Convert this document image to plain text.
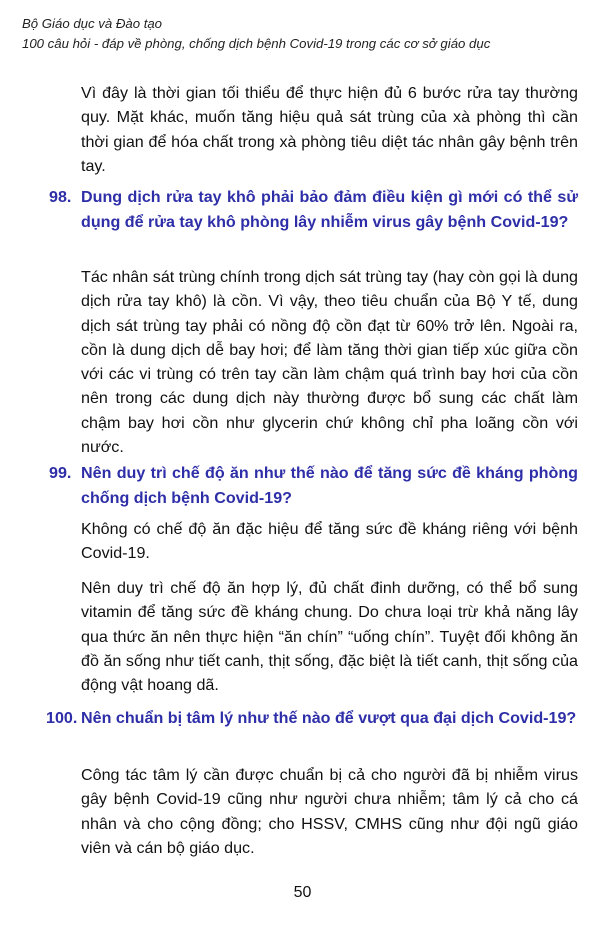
Bộ Giáo dục và Đào tạo
100 câu hỏi - đáp về phòng, chống dịch bệnh Covid-19 trong các cơ sở giáo dục
Vì đây là thời gian tối thiểu để thực hiện đủ 6 bước rửa tay thường quy. Mặt khác, muốn tăng hiệu quả sát trùng của xà phòng thì cần thời gian để hóa chất trong xà phòng tiêu diệt tác nhân gây bệnh trên tay.
98. Dung dịch rửa tay khô phải bảo đảm điều kiện gì mới có thể sử dụng để rửa tay khô phòng lây nhiễm virus gây bệnh Covid-19?
Tác nhân sát trùng chính trong dịch sát trùng tay (hay còn gọi là dung dịch rửa tay khô) là cồn. Vì vậy, theo tiêu chuẩn của Bộ Y tế, dung dịch sát trùng tay phải có nồng độ cồn đạt từ 60% trở lên. Ngoài ra, cồn là dung dịch dễ bay hơi; để làm tăng thời gian tiếp xúc giữa cồn với các vi trùng có trên tay cần làm chậm quá trình bay hơi của cồn nên trong các dung dịch này thường được bổ sung các chất làm chậm bay hơi cồn như glycerin chứ không chỉ pha loãng cồn với nước.
99. Nên duy trì chế độ ăn như thế nào để tăng sức đề kháng phòng chống dịch bệnh Covid-19?
Không có chế độ ăn đặc hiệu để tăng sức đề kháng riêng với bệnh Covid-19.
Nên duy trì chế độ ăn hợp lý, đủ chất đinh dưỡng, có thể bổ sung vitamin để tăng sức đề kháng chung. Do chưa loại trừ khả năng lây qua thức ăn nên thực hiện “ăn chín” “uống chín”. Tuyệt đối không ăn đồ ăn sống như tiết canh, thịt sống, đặc biệt là tiết canh, thịt sống của động vật hoang dã.
100. Nên chuẩn bị tâm lý như thế nào để vượt qua đại dịch Covid-19?
Công tác tâm lý cần được chuẩn bị cả cho người đã bị nhiễm virus gây bệnh Covid-19 cũng như người chưa nhiễm; tâm lý cả cho cá nhân và cho cộng đồng; cho HSSV, CMHS cũng như đội ngũ giáo viên và cán bộ giáo dục.
50
